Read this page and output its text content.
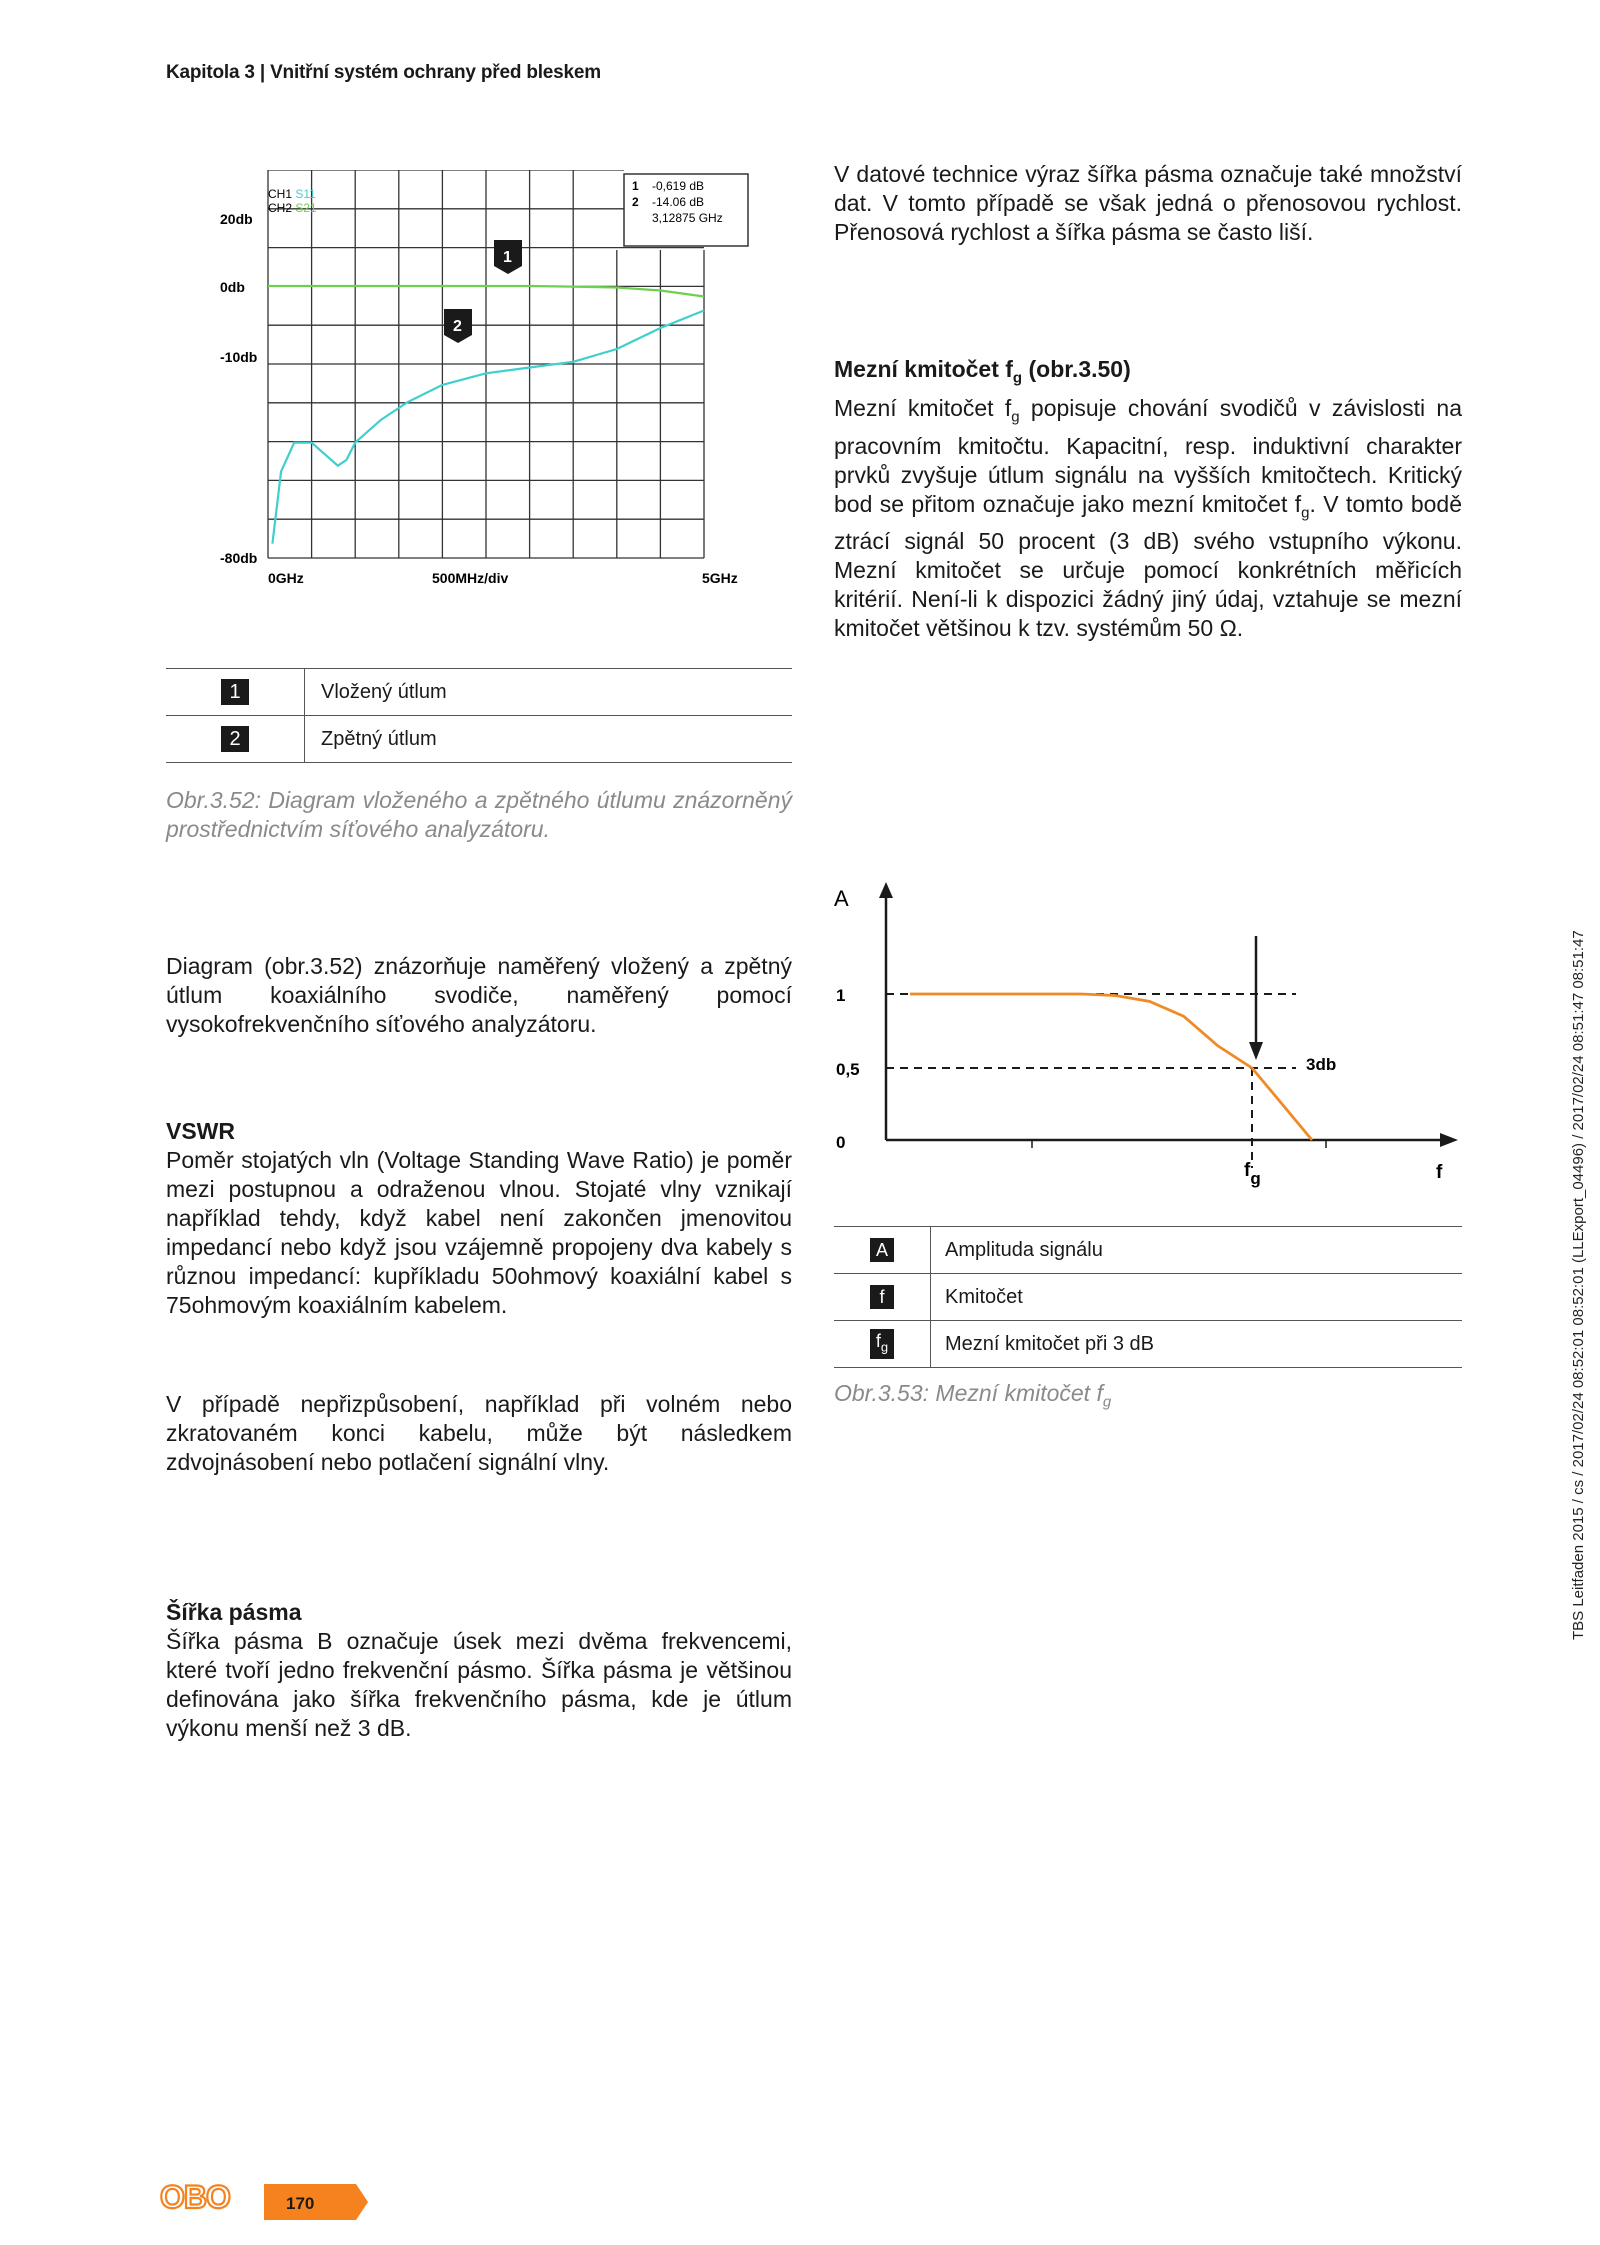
Kapitola 3 | Vnitřní systém ochrany před bleskem
20db
0db
-10db
-80db
0GHz	500MHz/div	5GHz
CH1 S11
CH2 S21
1 -0,619 dB
2 -14.06 dB
3,12875 GHz
1
2
1	Vložený útlum
2	Zpětný útlum
Obr.3.52: Diagram vloženého a zpětného útlumu znázorněný prostřednictvím síťového analyzátoru.
Diagram (obr.3.52) znázorňuje naměřený vložený a zpětný útlum koaxiálního svodiče, naměřený pomocí vysokofrekvenčního síťového analyzátoru.
VSWR
Poměr stojatých vln (Voltage Standing Wave Ratio) je poměr mezi postupnou a odraženou vlnou. Stojaté vlny vznikají například tehdy, když kabel není zakončen jmenovitou impedancí nebo když jsou vzájemně propojeny dva kabely s různou impedancí: kupříkladu 50ohmový koaxiální kabel s 75ohmovým koaxiálním kabelem.
V případě nepřizpůsobení, například při volném nebo zkratovaném konci kabelu, může být následkem zdvojnásobení nebo potlačení signální vlny.
Šířka pásma
Šířka pásma B označuje úsek mezi dvěma frekvencemi, které tvoří jedno frekvenční pásmo. Šířka pásma je většinou definována jako šířka frekvenčního pásma, kde je útlum výkonu menší než 3 dB.
V datové technice výraz šířka pásma označuje také množství dat. V tomto případě se však jedná o přenosovou rychlost. Přenosová rychlost a šířka pásma se často liší.
Mezní kmitočet $f_g$ (obr.3.50)
Mezní kmitočet $f_g$ popisuje chování svodičů v závislosti na pracovním kmitočtu. Kapacitní, resp. induktivní charakter prvků zvyšuje útlum signálu na vyšších kmitočtech. Kritický bod se přitom označuje jako mezní kmitočet $f_g$. V tomto bodě ztrácí signál 50 procent (3 dB) svého vstupního výkonu. Mezní kmitočet se určuje pomocí konkrétních měřicích kritérií. Není-li k dispozici žádný jiný údaj, vztahuje se mezní kmitočet většinou k tzv. systémům 50 Ω.
A
1
0,5
0
3db
fg	f
A	Amplituda signálu
f	Kmitočet
$f_g$	Mezní kmitočet při 3 dB
Obr.3.53: Mezní kmitočet $f_g$	TBS Leitfaden 2015 / cs / 2017/02/24 08:52:01 08:52:01 (LLExport_04496) / 2017/02/24 08:51:47 08:51:47
OBO	170
